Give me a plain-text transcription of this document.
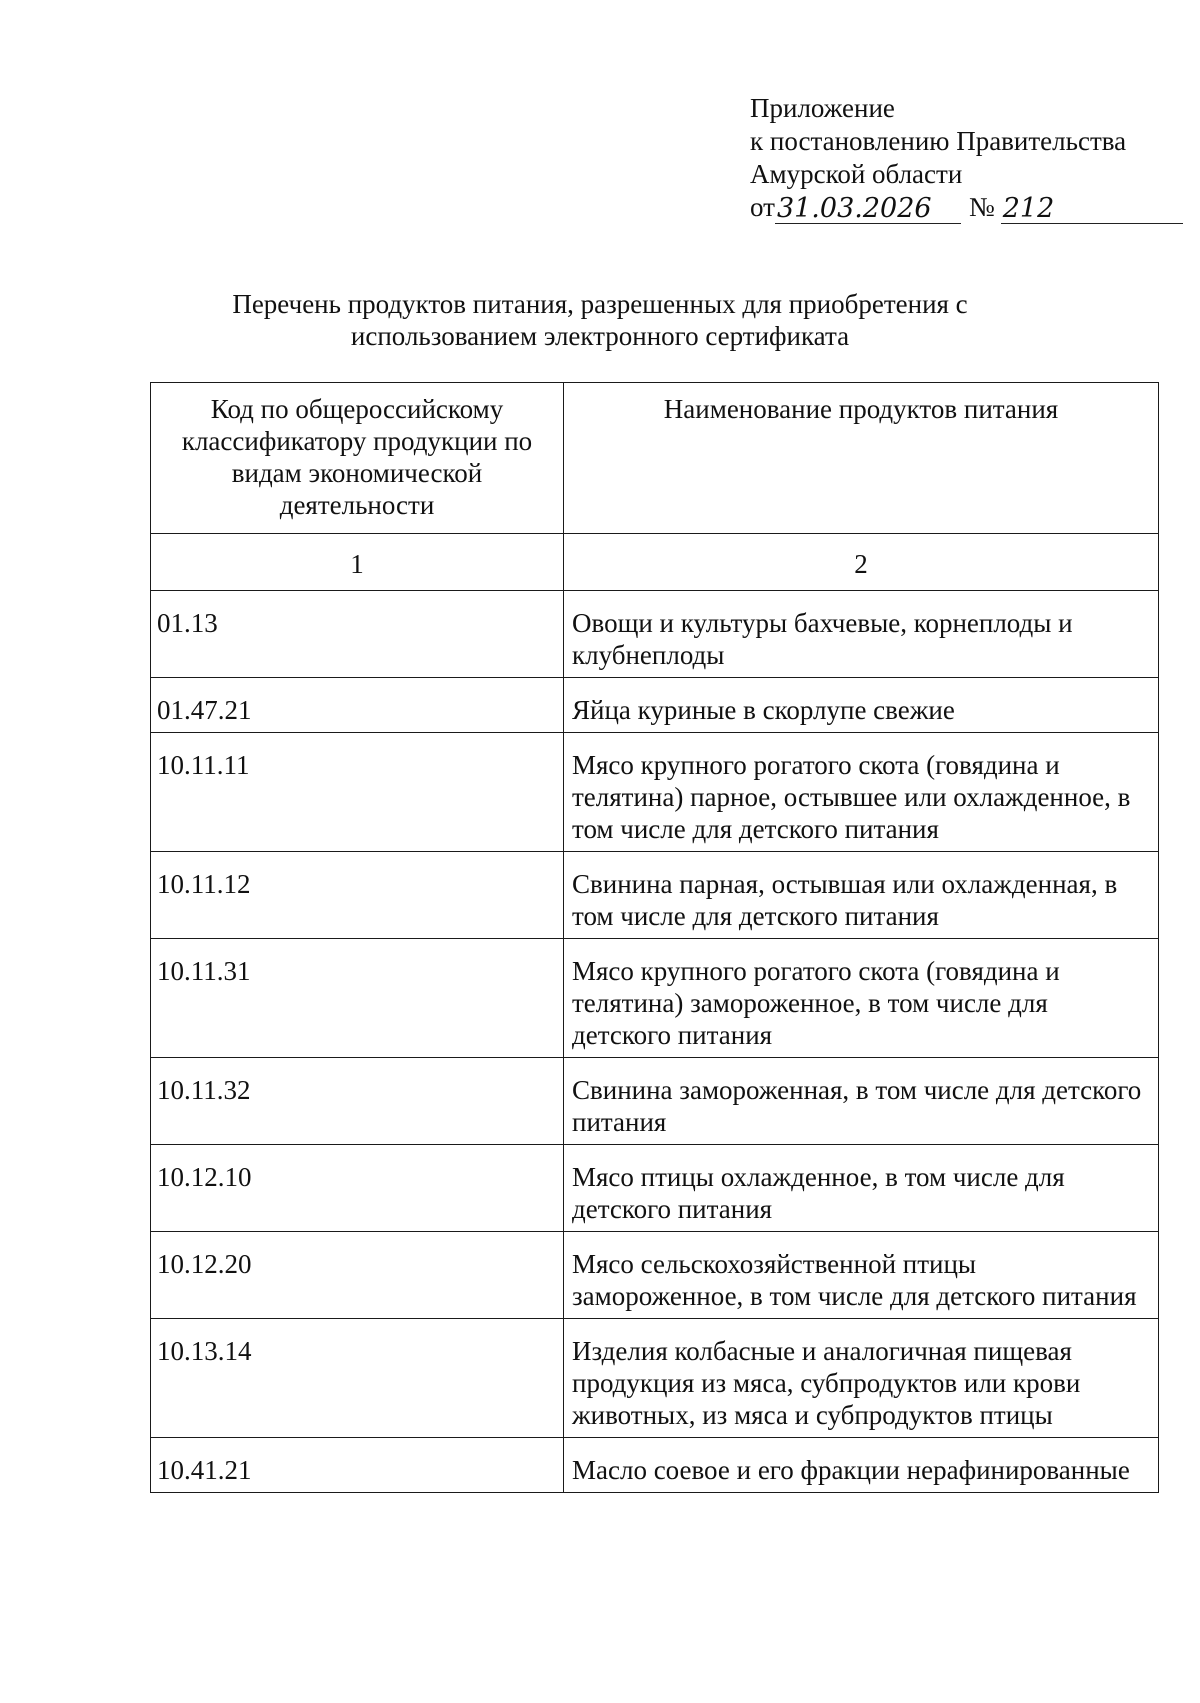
Приложение
к постановлению Правительства
Амурской области
от 31.03.2026	№ 212
Перечень продуктов питания, разрешенных для приобретения с
использованием электронного сертификата
Код по общероссийскому классификатору продукции по видам экономической деятельности	Наименование продуктов питания
1	2
01.13	Овощи и культуры бахчевые, корнеплоды и клубнеплоды
01.47.21	Яйца куриные в скорлупе свежие
10.11.11	Мясо крупного рогатого скота (говядина и телятина) парное, остывшее или охлажденное, в том числе для детского питания
10.11.12	Свинина парная, остывшая или охлажденная, в том числе для детского питания
10.11.31	Мясо крупного рогатого скота (говядина и телятина) замороженное, в том числе для детского питания
10.11.32	Свинина замороженная, в том числе для детского питания
10.12.10	Мясо птицы охлажденное, в том числе для детского питания
10.12.20	Мясо сельскохозяйственной птицы замороженное, в том числе для детского питания
10.13.14	Изделия колбасные и аналогичная пищевая продукция из мяса, субпродуктов или крови животных, из мяса и субпродуктов птицы
10.41.21	Масло соевое и его фракции нерафинированные
